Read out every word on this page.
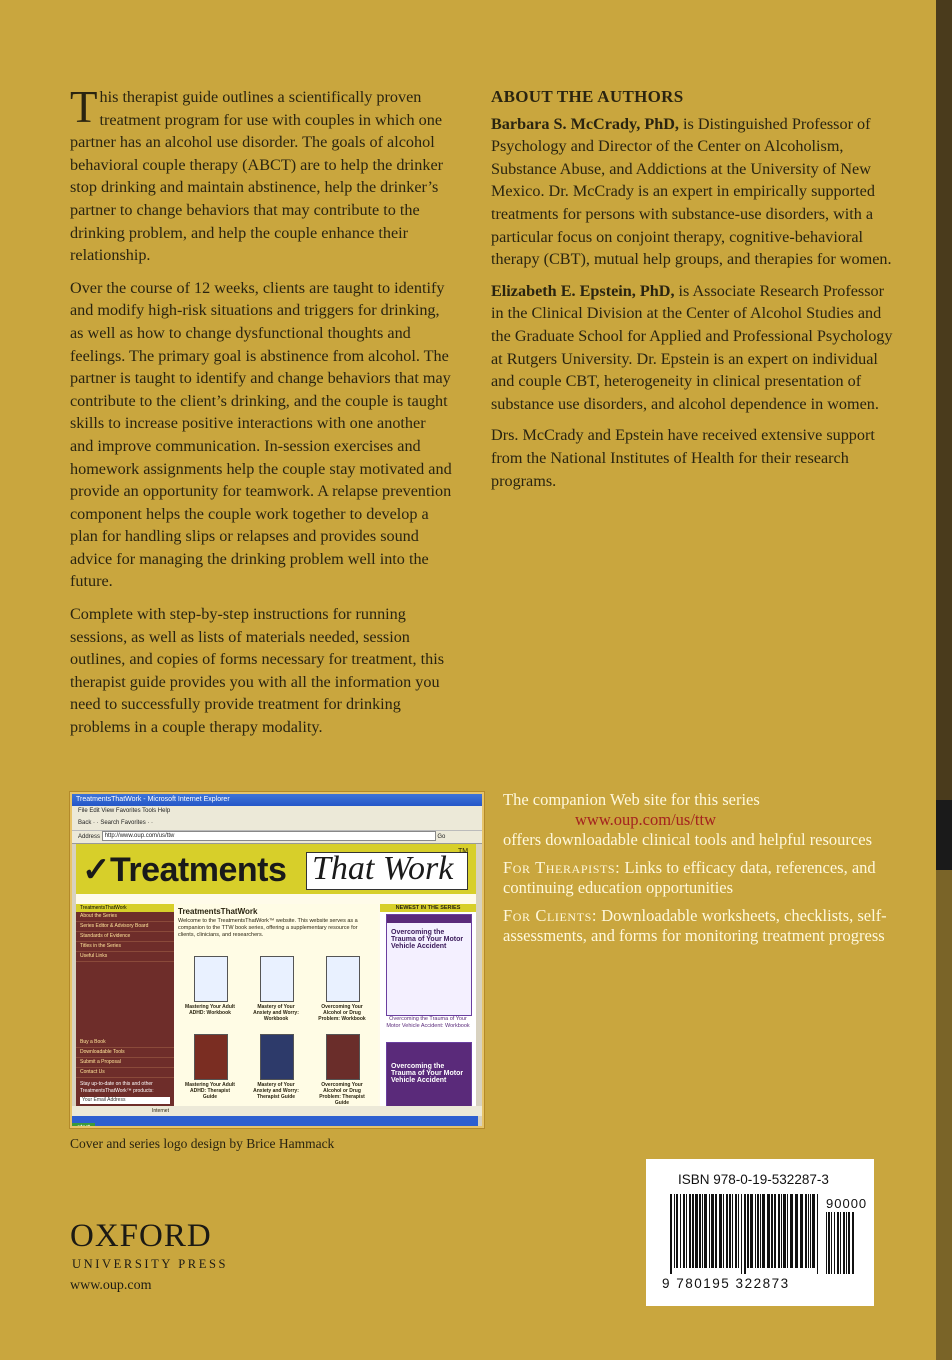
This therapist guide outlines a scientifically proven treatment program for use with couples in which one partner has an alcohol use disorder. The goals of alcohol behavioral couple therapy (ABCT) are to help the drinker stop drinking and maintain abstinence, help the drinker’s partner to change behaviors that may contribute to the drinking problem, and help the couple enhance their relationship.

Over the course of 12 weeks, clients are taught to identify and modify high-risk situations and triggers for drinking, as well as how to change dysfunctional thoughts and feelings. The primary goal is abstinence from alcohol. The partner is taught to identify and change behaviors that may contribute to the client’s drinking, and the couple is taught skills to increase positive interactions with one another and improve communication. In-session exercises and homework assignments help the couple stay motivated and provide an opportunity for teamwork. A relapse prevention component helps the couple work together to develop a plan for handling slips or relapses and provides sound advice for managing the drinking problem well into the future.

Complete with step-by-step instructions for running sessions, as well as lists of materials needed, session outlines, and copies of forms necessary for treatment, this therapist guide provides you with all the information you need to successfully provide treatment for drinking problems in a couple therapy modality.

ABOUT THE AUTHORS

Barbara S. McCrady, PhD, is Distinguished Professor of Psychology and Director of the Center on Alcoholism, Substance Abuse, and Addictions at the University of New Mexico. Dr. McCrady is an expert in empirically supported treatments for persons with substance-use disorders, with a particular focus on conjoint therapy, cognitive-behavioral therapy (CBT), mutual help groups, and therapies for women.

Elizabeth E. Epstein, PhD, is Associate Research Professor in the Clinical Division at the Center of Alcohol Studies and the Graduate School for Applied and Professional Psychology at Rutgers University. Dr. Epstein is an expert on individual and couple CBT, heterogeneity in clinical presentation of substance use disorders, and alcohol dependence in women.

Drs. McCrady and Epstein have received extensive support from the National Institutes of Health for their research programs.

TreatmentsThatWork - Microsoft Internet Explorer
File Edit View Favorites Tools Help
Back · · Search Favorites · ·
Address http://www.oup.com/us/ttw	Go
✓Treatments That Work TM
TreatmentsThatWork
About the Series
Series Editor & Advisory Board
Standards of Evidence
Titles in the Series
Useful Links
Buy a Book
Downloadable Tools
Submit a Proposal
Contact Us
Stay up-to-date on this and other TreatmentsThatWork™ products:
Your Email Address
TreatmentsThatWork
Welcome to the TreatmentsThatWork™ website. This website serves as a companion to the TTW book series, offering a supplementary resource for clients, clinicians, and researchers.
Mastering Your Adult ADHD: Workbook
Mastery of Your Anxiety and Worry: Workbook
Overcoming Your Alcohol or Drug Problem: Workbook
Mastering Your Adult ADHD: Therapist Guide
Mastery of Your Anxiety and Worry: Therapist Guide
Overcoming Your Alcohol or Drug Problem: Therapist Guide
NEWEST IN THE SERIES
Overcoming the Trauma of Your Motor Vehicle Accident
Overcoming the Trauma of Your Motor Vehicle Accident: Workbook
Overcoming the Trauma of Your Motor Vehicle Accident
Internet
start

The companion Web site for this series
www.oup.com/us/ttw
offers downloadable clinical tools and helpful resources

For Therapists: Links to efficacy data, references, and continuing education opportunities

For Clients: Downloadable worksheets, checklists, self-assessments, and forms for monitoring treatment progress

Cover and series logo design by Brice Hammack
OXFORD
UNIVERSITY PRESS
www.oup.com
ISBN 978-0-19-532287-3
90000
9 780195 322873
